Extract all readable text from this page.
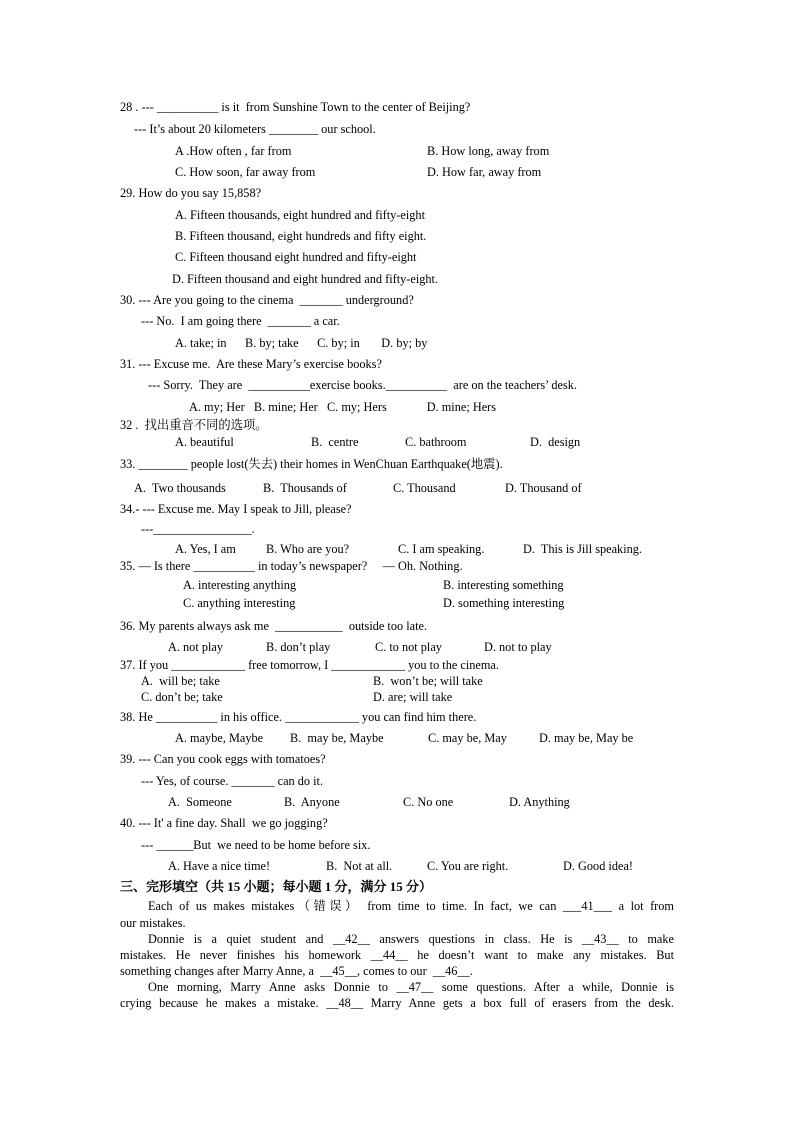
28 . --- __________ is it  from Sunshine Town to the center of Beijing?
--- It’s about 20 kilometers ________ our school.
A .How often , far from	B. How long, away from
C. How soon, far away from	D. How far, away from
29. How do you say 15,858?
A. Fifteen thousands, eight hundred and fifty-eight
B. Fifteen thousand, eight hundreds and fifty eight.
C. Fifteen thousand eight hundred and fifty-eight
D. Fifteen thousand and eight hundred and fifty-eight.
30. --- Are you going to the cinema  _______ underground?
--- No.  I am going there  _______ a car.
A. take; in      B. by; take      C. by; in       D. by; by
31. --- Excuse me.  Are these Mary’s exercise books?
--- Sorry.  They are  __________exercise books.__________  are on the teachers’ desk.
A. my; Her   B. mine; Her   C. my; Hers             D. mine; Hers
32 .  找出重音不同的选项。
A. beautiful	B.  centre	C. bathroom	D.  design
33. ________ people lost(失去) their homes in WenChuan Earthquake(地震).
A.  Two thousands	B.  Thousands of	C. Thousand	D. Thousand of
34.- --- Excuse me. May I speak to Jill, please?
---________________.
A. Yes, I am B. Who are you?	C. I am speaking.	D.  This is Jill speaking.
35. — Is there __________ in today’s newspaper?     — Oh. Nothing.
A. interesting anything	B. interesting something
C. anything interesting	D. something interesting
36. My parents always ask me  ___________  outside too late.
A. not play	B. don’t play	C. to not play	D. not to play
37. If you ____________ free tomorrow, I ____________ you to the cinema.
A.  will be; take	B.  won’t be; will take
C. don’t be; take	D. are; will take
38. He __________ in his office. ____________ you can find him there.
A. maybe, Maybe B.  may be, Maybe	C. may be, May	D. may be, May be
39. --- Can you cook eggs with tomatoes?
--- Yes, of course. _______ can do it.
A.  Someone	B.  Anyone	C. No one	D. Anything
40. --- It' a fine day. Shall  we go jogging?
--- ______But  we need to be home before six.
A. Have a nice time!	B.  Not at all.	C. You are right.	D. Good idea!
三、完形填空（共 15 小题；每小题 1 分，满分 15 分）
Each of us makes mistakes（错误） from time to time. In fact, we can ___41___ a lot from
our mistakes.
Donnie is a quiet student and __42__ answers questions in class. He is __43__ to make
mistakes. He never finishes his homework __44__ he doesn’t want to make any mistakes. But
something changes after Marry Anne, a  __45__, comes to our  __46__.
One morning, Marry Anne asks Donnie to __47__ some questions. After a while, Donnie is
crying because he makes a mistake. __48__ Marry Anne gets a box full of erasers from the desk.
